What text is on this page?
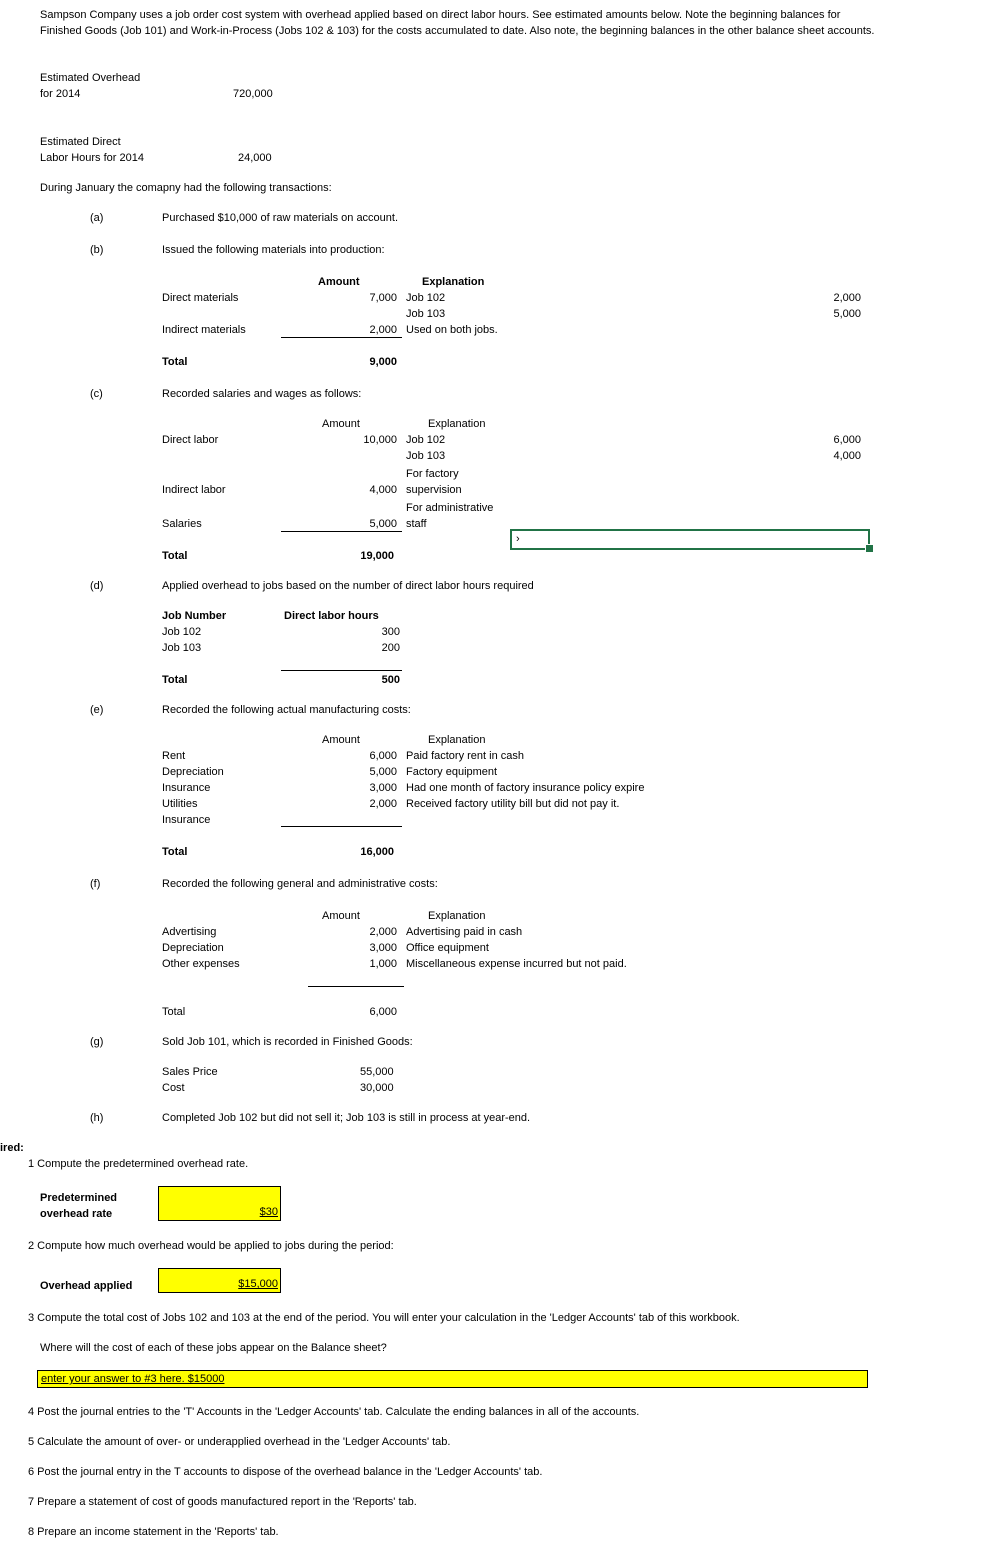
Sampson Company uses a job order cost system with overhead applied based on direct labor hours. See estimated amounts below. Note the beginning balances for Finished Goods (Job 101) and Work-in-Process (Jobs 102 & 103) for the costs accumulated to date. Also note, the beginning balances in the other balance sheet accounts.
Estimated Overhead
for 2014	720,000
Estimated Direct
Labor Hours for 2014	24,000
During January the comapny had the following transactions:
(a)	Purchased $10,000 of raw materials on account.
(b)	Issued the following materials into production:
Amount	Explanation
Direct materials	7,000 Job 102	2,000
Job 103	5,000
Indirect materials	2,000 Used on both jobs.
Total	9,000
(c)	Recorded salaries and wages as follows:
Amount	Explanation
Direct labor	10,000 Job 102	6,000
Job 103	4,000
For factory
Indirect labor	4,000 supervision
For administrative
Salaries	5,000 staff
Total	19,000
›
(d)	Applied overhead to jobs based on the number of direct labor hours required
Job Number	Direct labor hours
Job 102	300
Job 103	200
Total	500
(e)	Recorded the following actual manufacturing costs:
Amount	Explanation
Rent	6,000 Paid factory rent in cash
Depreciation	5,000 Factory equipment
Insurance	3,000 Had one month of factory insurance policy expire
Utilities	2,000 Received factory utility bill but did not pay it.
Insurance
Total	16,000
(f)	Recorded the following general and administrative costs:
Amount	Explanation
Advertising	2,000 Advertising paid in cash
Depreciation	3,000 Office equipment
Other expenses	1,000 Miscellaneous expense incurred but not paid.
Total	6,000
(g)	Sold Job 101, which is recorded in Finished Goods:
Sales Price	55,000
Cost	30,000
(h)	Completed Job 102 but did not sell it; Job 103 is still in process at year-end.
ired:
1 Compute the predetermined overhead rate.
Predetermined
overhead rate	$30
2 Compute how much overhead would be applied to jobs during the period:
Overhead applied	$15,000
3 Compute the total cost of Jobs 102 and 103 at the end of the period. You will enter your calculation in the 'Ledger Accounts' tab of this workbook.
Where will the cost of each of these jobs appear on the Balance sheet?
enter your answer to #3 here. $15000
4 Post the journal entries to the 'T' Accounts in the 'Ledger Accounts' tab. Calculate the ending balances in all of the accounts.
5 Calculate the amount of over- or underapplied overhead in the 'Ledger Accounts' tab.
6 Post the journal entry in the T accounts to dispose of the overhead balance in the 'Ledger Accounts' tab.
7 Prepare a statement of cost of goods manufactured report in the 'Reports' tab.
8 Prepare an income statement in the 'Reports' tab.
